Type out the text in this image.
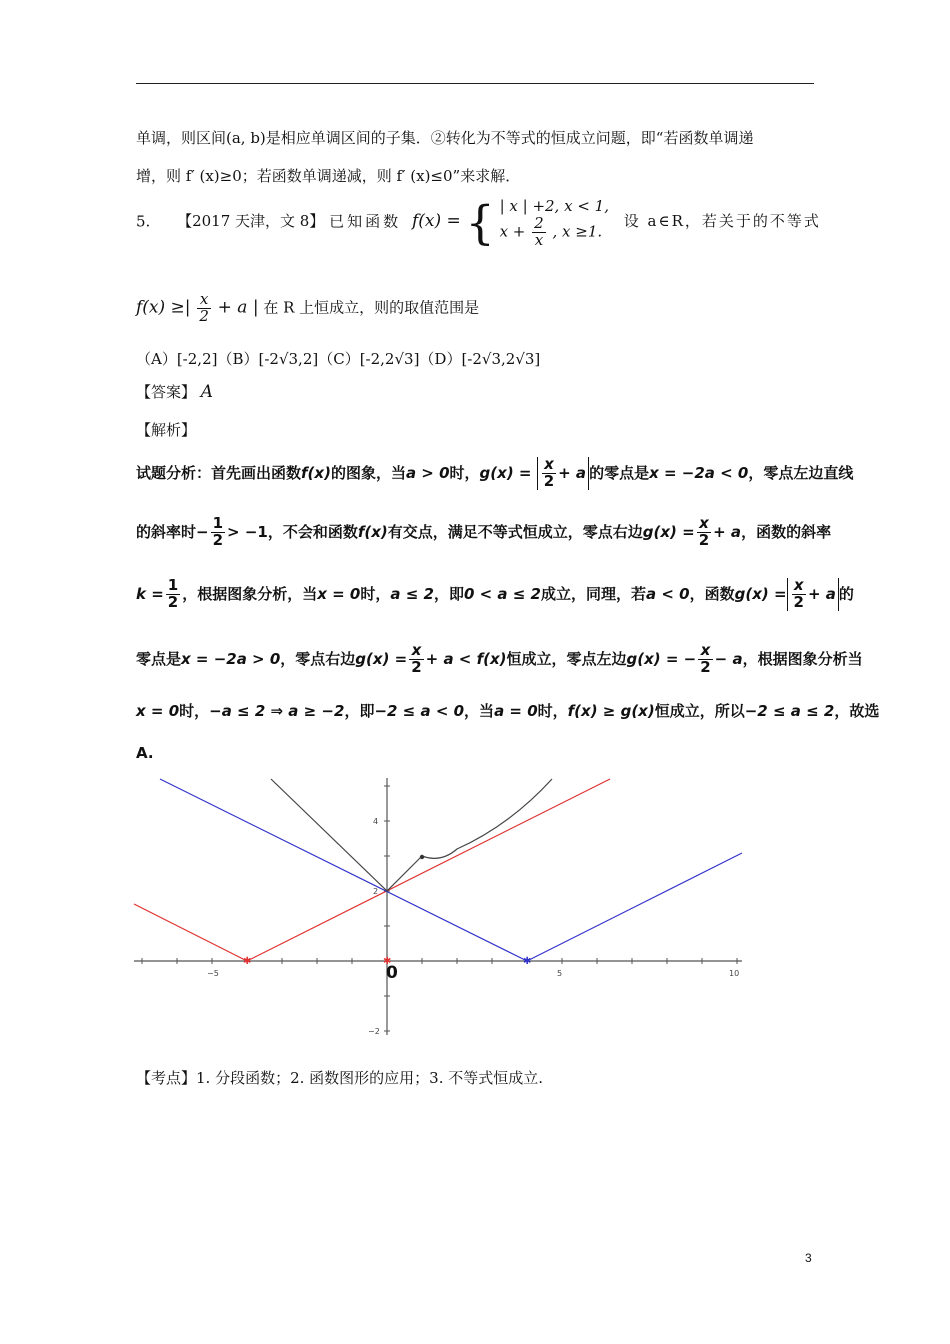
单调，则区间(a, b)是相应单调区间的子集．②转化为不等式的恒成立问题，即“若函数单调递
增，则 f′ (x)≥0；若函数单调递减，则 f′ (x)≤0”来求解．
5. 【2017 天津，文 8】 已知函数 f(x) = { | x | +2, x < 1,
$x + \frac{2}{x}$ , x ≥1.
设 a∈R，若关于的不等式
f(x) ≥| $\frac{x}{2} + a$ | 在 R 上恒成立，则的取值范围是
（A）[-2,2]（B）[-2√3,2]（C）[-2,2√3]（D）[-2√3,2√3]
【答案】 A
【解析】
试题分析：首先画出函数f(x)的图象，当a > 0时，$g(x) = \frac{x}{2} + a$ 的零点是x = −2a < 0，零点左边直线
的斜率时− $\frac{1}{2} > -1$，不会和函数f(x)有交点，满足不等式恒成立，零点右边$g(x) = \frac{x}{2} + a$，函数的斜率
$k = \frac{1}{2}$ ，根据图象分析，当x = 0时，a ≤ 2，即0 < a ≤ 2成立，同理，若a < 0，函数$g(x) = \frac{x}{2} + a$ 的
零点是x = −2a > 0，零点右边$g(x) = \frac{x}{2} + a < f(x)$恒成立，零点左边g(x) = − $\frac{x}{2} - a$，根据图象分析当
x = 0时，−a ≤ 2 ⇒ a ≥ −2，即−2 ≤ a < 0，当a = 0时，f(x) ≥ g(x)恒成立，所以−2 ≤ a ≤ 2，故选
A.
−5	5	10
4
2
−2
0
✱	✱
✱
【考点】1. 分段函数；2. 函数图形的应用；3. 不等式恒成立.
3
